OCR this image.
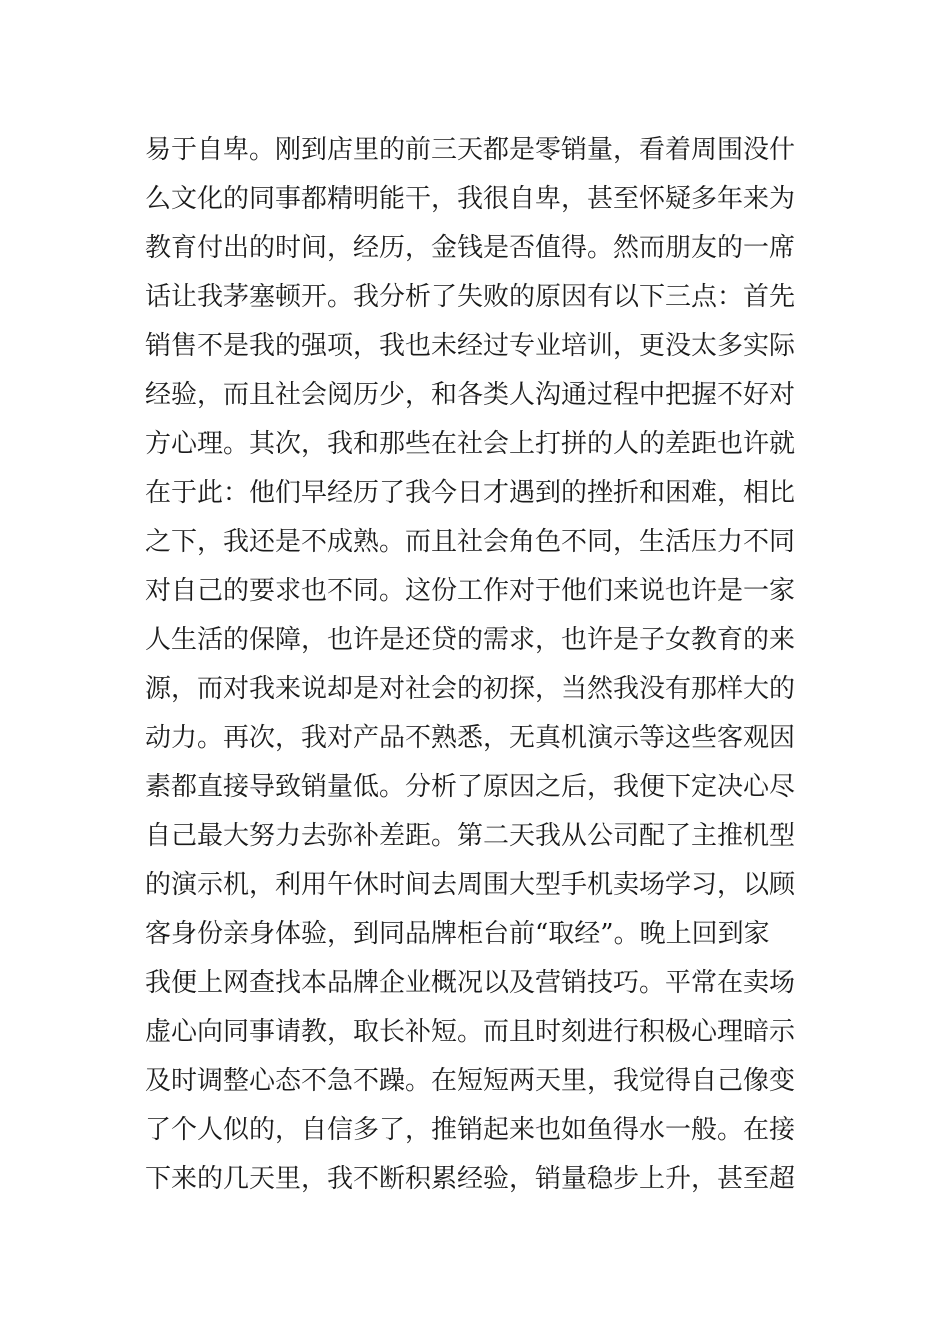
易于自卑。刚到店里的前三天都是零销量，看着周围没什
么文化的同事都精明能干，我很自卑，甚至怀疑多年来为
教育付出的时间，经历，金钱是否值得。然而朋友的一席
话让我茅塞顿开。我分析了失败的原因有以下三点：首先
销售不是我的强项，我也未经过专业培训，更没太多实际
经验，而且社会阅历少，和各类人沟通过程中把握不好对
方心理。其次，我和那些在社会上打拼的人的差距也许就
在于此：他们早经历了我今日才遇到的挫折和困难，相比
之下，我还是不成熟。而且社会角色不同，生活压力不同
对自己的要求也不同。这份工作对于他们来说也许是一家
人生活的保障，也许是还贷的需求，也许是子女教育的来
源，而对我来说却是对社会的初探，当然我没有那样大的
动力。再次，我对产品不熟悉，无真机演示等这些客观因
素都直接导致销量低。分析了原因之后，我便下定决心尽
自己最大努力去弥补差距。第二天我从公司配了主推机型
的演示机，利用午休时间去周围大型手机卖场学习，以顾
客身份亲身体验，到同品牌柜台前“取经”。晚上回到家
我便上网查找本品牌企业概况以及营销技巧。平常在卖场
虚心向同事请教，取长补短。而且时刻进行积极心理暗示
及时调整心态不急不躁。在短短两天里，我觉得自己像变
了个人似的，自信多了，推销起来也如鱼得水一般。在接
下来的几天里，我不断积累经验，销量稳步上升，甚至超
